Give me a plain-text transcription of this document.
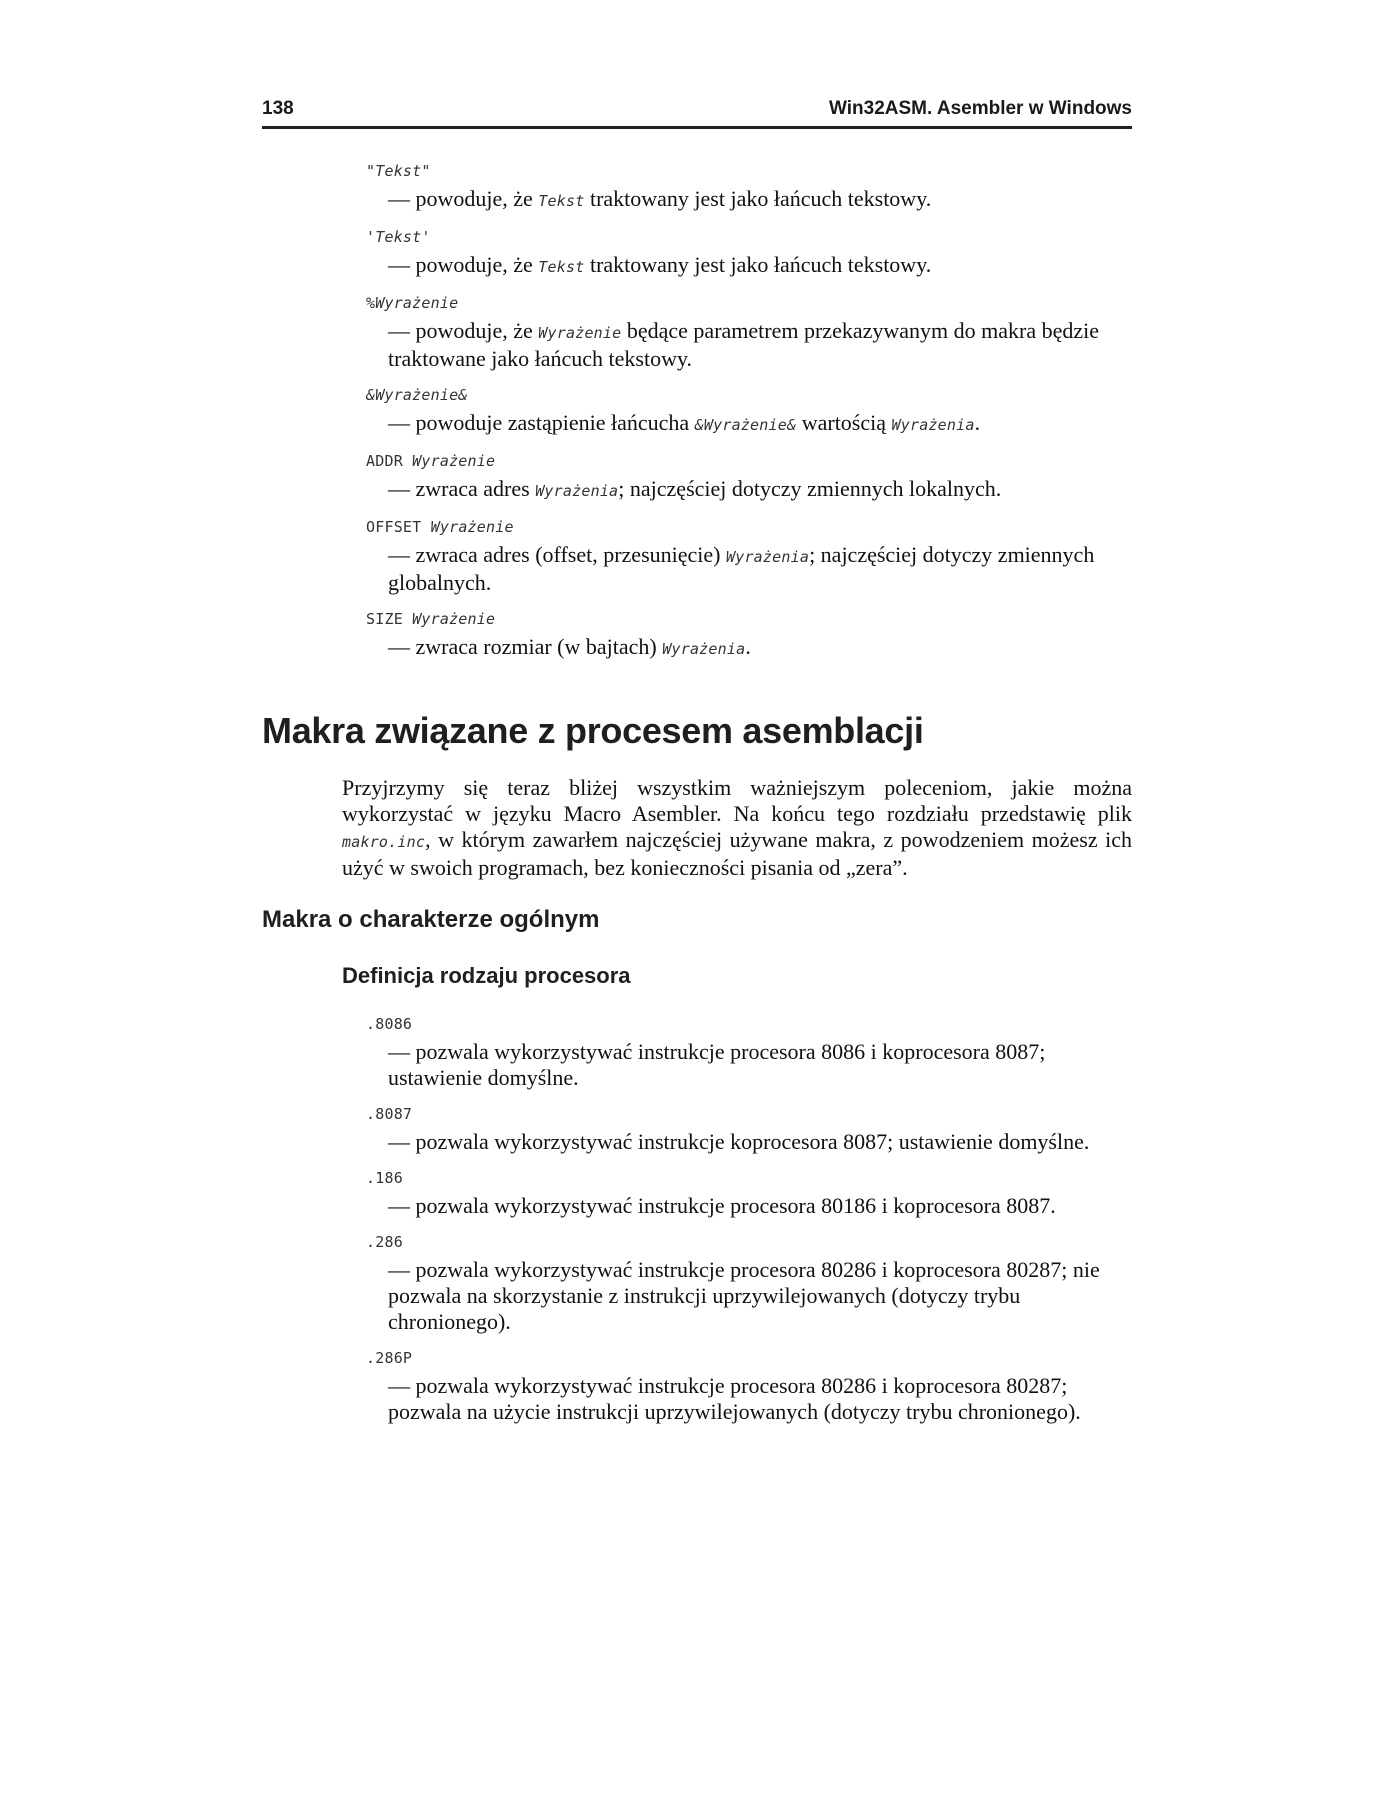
138	Win32ASM. Asembler w Windows
"Tekst"
— powoduje, że Tekst traktowany jest jako łańcuch tekstowy.
'Tekst'
— powoduje, że Tekst traktowany jest jako łańcuch tekstowy.
%Wyrażenie
— powoduje, że Wyrażenie będące parametrem przekazywanym do makra będzie traktowane jako łańcuch tekstowy.
&Wyrażenie&
— powoduje zastąpienie łańcucha &Wyrażenie& wartością Wyrażenia.
ADDR Wyrażenie
— zwraca adres Wyrażenia; najczęściej dotyczy zmiennych lokalnych.
OFFSET Wyrażenie
— zwraca adres (offset, przesunięcie) Wyrażenia; najczęściej dotyczy zmiennych globalnych.
SIZE Wyrażenie
— zwraca rozmiar (w bajtach) Wyrażenia.
Makra związane z procesem asemblacji

Przyjrzymy się teraz bliżej wszystkim ważniejszym poleceniom, jakie można wykorzystać w języku Macro Asembler. Na końcu tego rozdziału przedstawię plik makro.inc, w którym zawarłem najczęściej używane makra, z powodzeniem możesz ich użyć w swoich programach, bez konieczności pisania od „zera”.

Makra o charakterze ogólnym
Definicja rodzaju procesora
.8086
— pozwala wykorzystywać instrukcje procesora 8086 i koprocesora 8087; ustawienie domyślne.
.8087
— pozwala wykorzystywać instrukcje koprocesora 8087; ustawienie domyślne.
.186
— pozwala wykorzystywać instrukcje procesora 80186 i koprocesora 8087.
.286
— pozwala wykorzystywać instrukcje procesora 80286 i koprocesora 80287; nie pozwala na skorzystanie z instrukcji uprzywilejowanych (dotyczy trybu chronionego).
.286P
— pozwala wykorzystywać instrukcje procesora 80286 i koprocesora 80287; pozwala na użycie instrukcji uprzywilejowanych (dotyczy trybu chronionego).
